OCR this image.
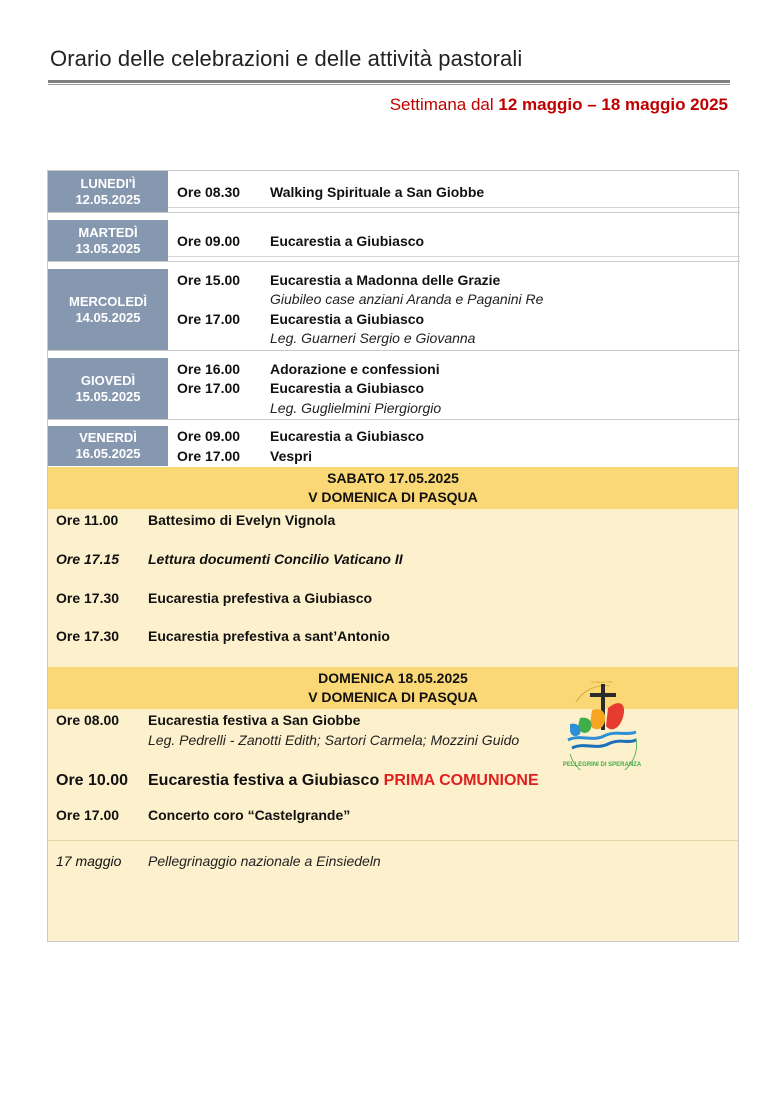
Orario delle celebrazioni e delle attività pastorali
Settimana dal 12 maggio – 18 maggio 2025
LUNEDI'Ì
12.05.2025	Ore 08.30 Walking Spirituale a San Giobbe
MARTEDÌ
13.05.2025	Ore 09.00 Eucarestia a Giubiasco
MERCOLEDÌ
14.05.2025
Ore 15.00 Eucarestia a Madonna delle Grazie
Giubileo case anziani Aranda e Paganini Re
Ore 17.00 Eucarestia a Giubiasco
Leg. Guarneri Sergio e Giovanna
GIOVEDÌ
15.05.2025
Ore 16.00 Adorazione e confessioni
Ore 17.00 Eucarestia a Giubiasco
Leg. Guglielmini Piergiorgio
VENERDÌ
16.05.2025
Ore 09.00 Eucarestia a Giubiasco
Ore 17.00 Vespri
SABATO 17.05.2025
V DOMENICA DI PASQUA
Ore 11.00 Battesimo di Evelyn Vignola
Ore 17.15 Lettura documenti Concilio Vaticano II
Ore 17.30 Eucarestia prefestiva a Giubiasco
Ore 17.30 Eucarestia prefestiva a sant’Antonio
DOMENICA 18.05.2025
V DOMENICA DI PASQUA
Ore 08.00 Eucarestia festiva a San Giobbe
Leg. Pedrelli - Zanotti Edith; Sartori Carmela; Mozzini Guido
Ore 10.00 Eucarestia festiva a Giubiasco PRIMA COMUNIONE
Ore 17.00 Concerto coro “Castelgrande”
17 maggio Pellegrinaggio nazionale a Einsiedeln
PELLEGRINI DI SPERANZA
GIUBILEO 2025
